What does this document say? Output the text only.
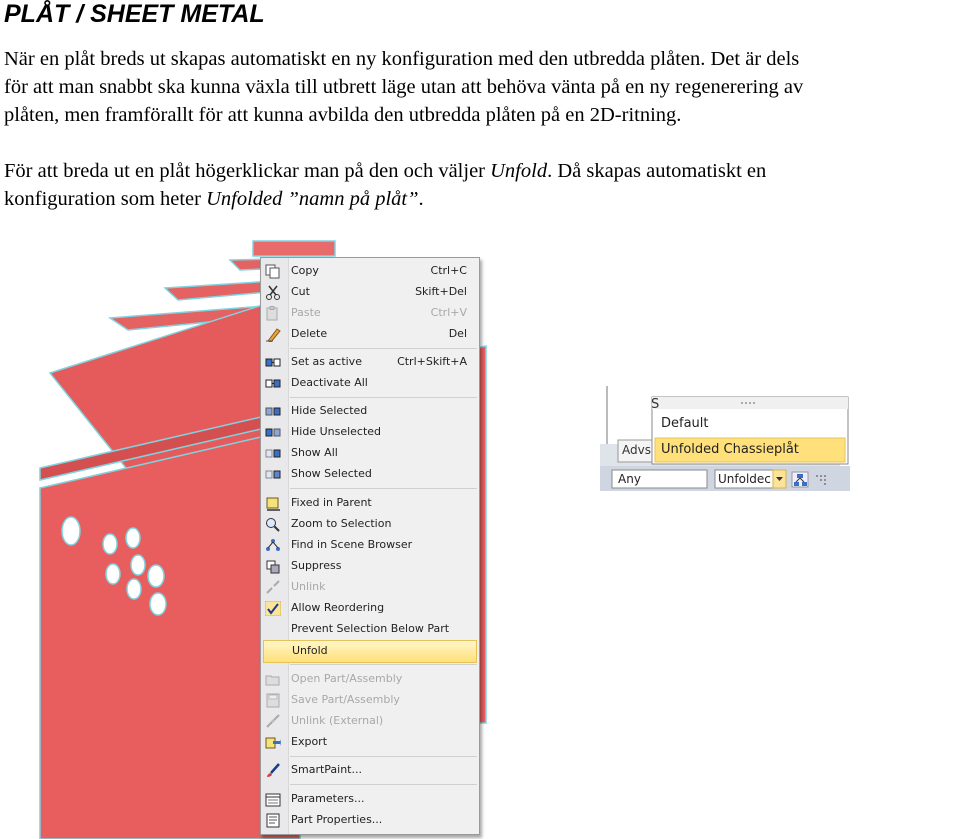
PLÅT / SHEET METAL
När en plåt breds ut skapas automatiskt en ny konfiguration med den utbredda plåten. Det är dels
för att man snabbt ska kunna växla till utbrett läge utan att behöva vänta på en ny regenerering av
plåten, men framförallt för att kunna avbilda den utbredda plåten på en 2D-ritning.
För att breda ut en plåt högerklickar man på den och väljer Unfold. Då skapas automatiskt en
konfiguration som heter Unfolded ”namn på plåt”.
Copy	Ctrl+C
Cut	Skift+Del
Paste	Ctrl+V
Delete	Del
Set as active	Ctrl+Skift+A
Deactivate All
Hide Selected
Hide Unselected
Show All
Show Selected
Fixed in Parent
Zoom to Selection
Find in Scene Browser
Suppress
Unlink
Allow Reordering
Prevent Selection Below Part
Unfold
Open Part/Assembly
Save Part/Assembly
Unlink (External)
Export
SmartPaint...
Parameters...
Part Properties...
S
Default
Unfolded Chassieplåt
Advs
Any	Unfoldec
